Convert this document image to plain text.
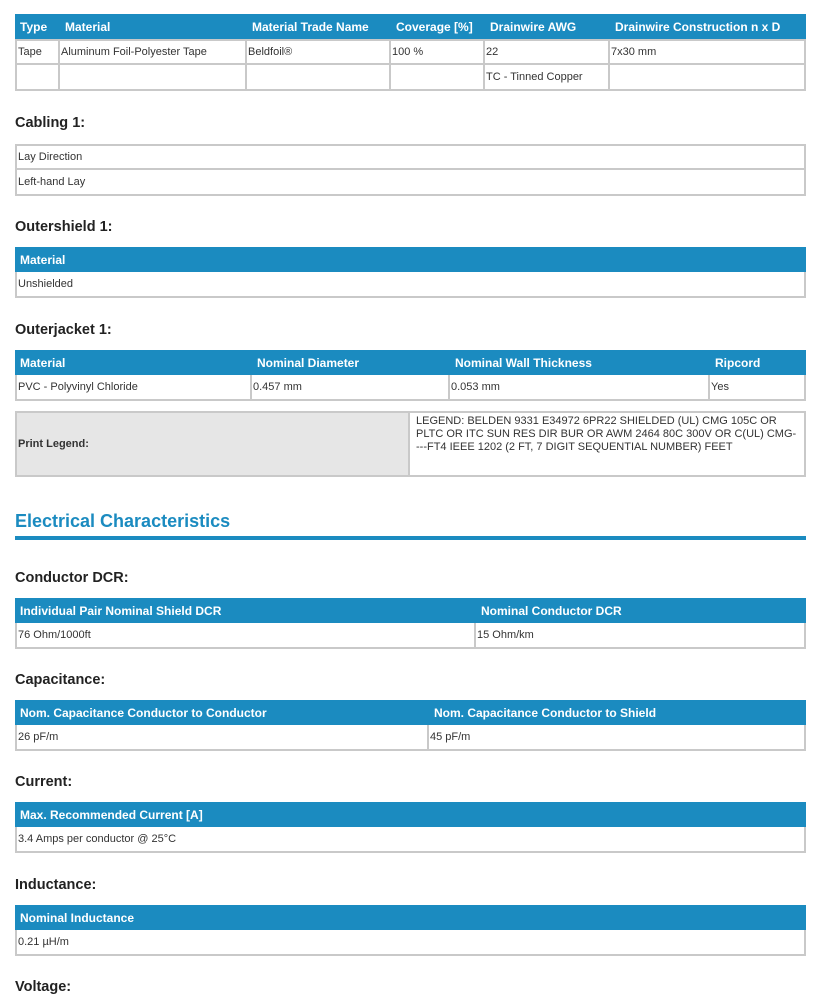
Type	Material	Material Trade Name	Coverage [%]	Drainwire AWG	Drainwire Construction n x D
Tape	Aluminum Foil-Polyester Tape	Beldfoil®	100 %	22	7x30 mm
				TC - Tinned Copper	
Cabling 1:
Lay Direction
Left-hand Lay
Outershield 1:
Material
Unshielded
Outerjacket 1:
Material	Nominal Diameter	Nominal Wall Thickness	Ripcord
PVC - Polyvinyl Chloride	0.457 mm	0.053 mm	Yes
Print Legend:	LEGEND: BELDEN 9331 E34972 6PR22 SHIELDED (UL) CMG 105C OR PLTC OR ITC SUN RES DIR BUR OR AWM 2464 80C 300V OR C(UL) CMG----FT4 IEEE 1202 (2 FT, 7 DIGIT SEQUENTIAL NUMBER) FEET
Electrical Characteristics
Conductor DCR:
Individual Pair Nominal Shield DCR	Nominal Conductor DCR
76 Ohm/1000ft	15 Ohm/km
Capacitance:
Nom. Capacitance Conductor to Conductor	Nom. Capacitance Conductor to Shield
26 pF/m	45 pF/m
Current:
Max. Recommended Current [A]
3.4 Amps per conductor @ 25°C
Inductance:
Nominal Inductance
0.21 µH/m
Voltage:
